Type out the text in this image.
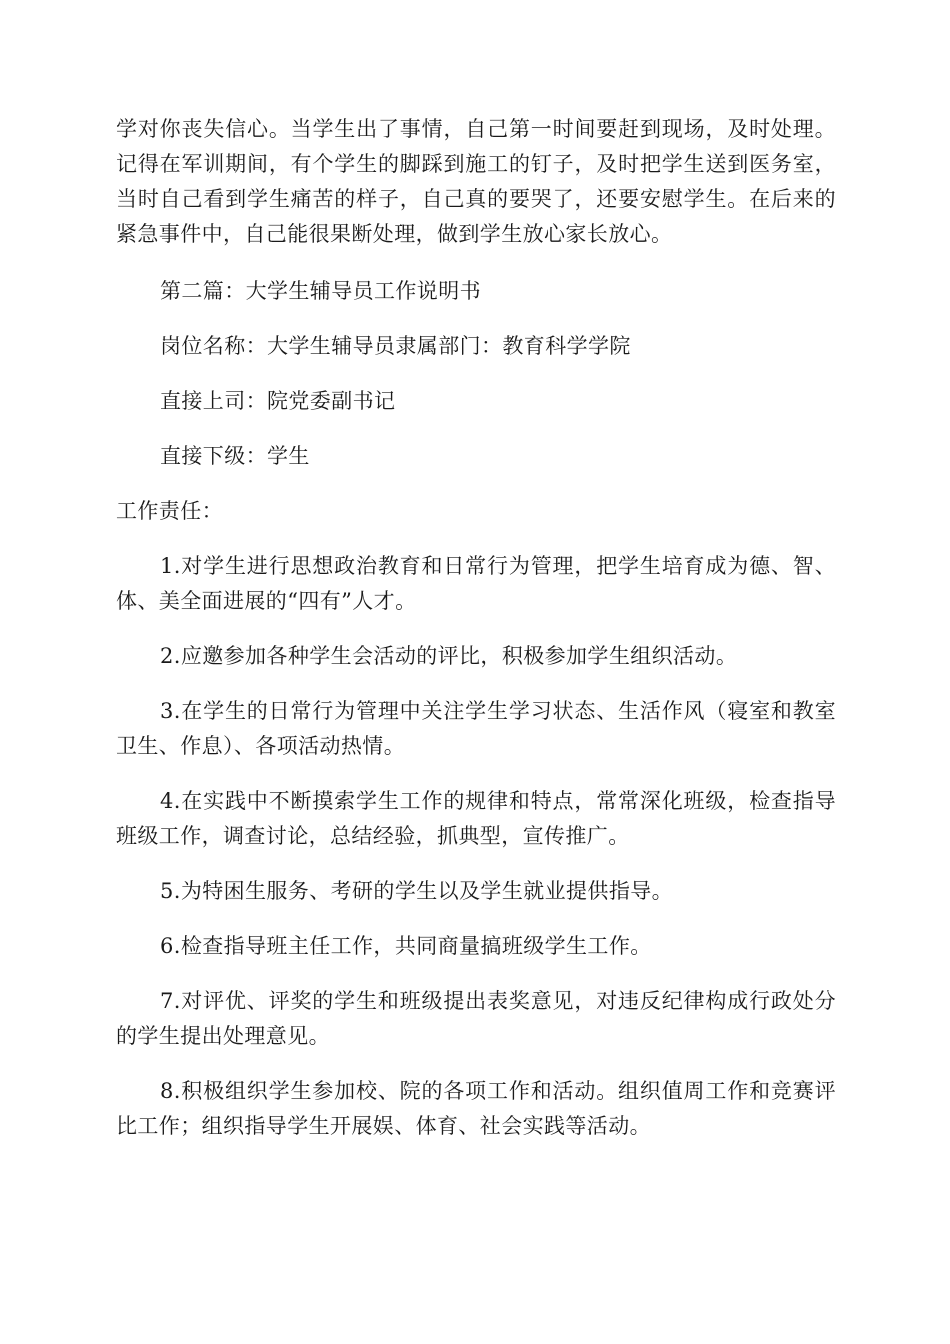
学对你丧失信心。当学生出了事情，自己第一时间要赶到现场，及时处理。记得在军训期间，有个学生的脚踩到施工的钉子，及时把学生送到医务室，当时自己看到学生痛苦的样子，自己真的要哭了，还要安慰学生。在后来的紧急事件中，自己能很果断处理，做到学生放心家长放心。

第二篇：大学生辅导员工作说明书

岗位名称：大学生辅导员隶属部门：教育科学学院

直接上司：院党委副书记

直接下级：学生

工作责任：

1.对学生进行思想政治教育和日常行为管理，把学生培育成为德、智、体、美全面进展的“四有”人才。

2.应邀参加各种学生会活动的评比，积极参加学生组织活动。

3.在学生的日常行为管理中关注学生学习状态、生活作风（寝室和教室卫生、作息）、各项活动热情。

4.在实践中不断摸索学生工作的规律和特点，常常深化班级，检查指导班级工作，调查讨论，总结经验，抓典型，宣传推广。

5.为特困生服务、考研的学生以及学生就业提供指导。

6.检查指导班主任工作，共同商量搞班级学生工作。

7.对评优、评奖的学生和班级提出表奖意见，对违反纪律构成行政处分的学生提出处理意见。

8.积极组织学生参加校、院的各项工作和活动。组织值周工作和竞赛评比工作；组织指导学生开展娱、体育、社会实践等活动。
